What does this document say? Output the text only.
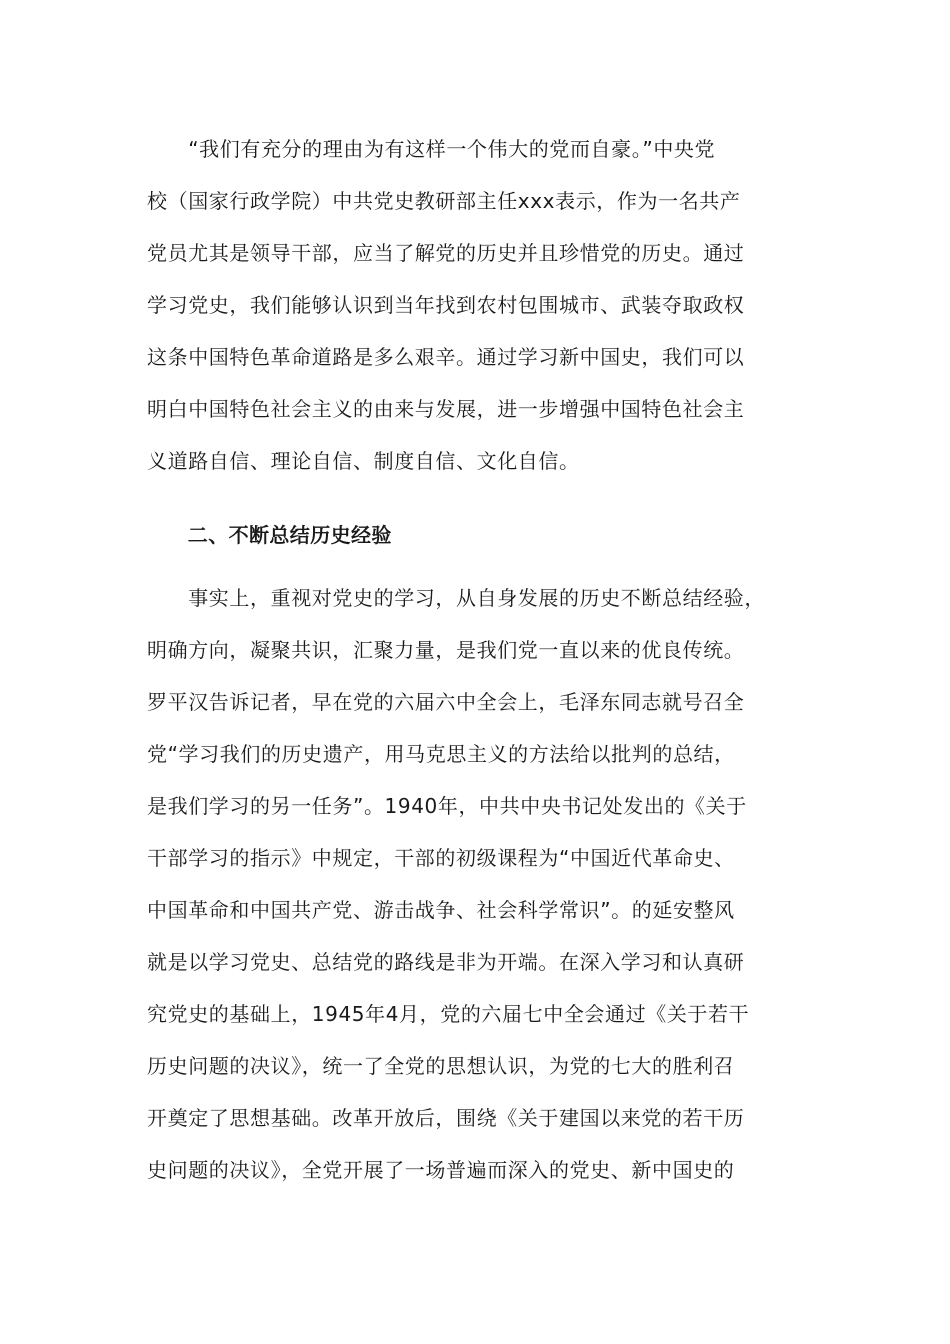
　　“我们有充分的理由为有这样一个伟大的党而自豪。”中央党
校（国家行政学院）中共党史教研部主任xxx表示，作为一名共产
党员尤其是领导干部，应当了解党的历史并且珍惜党的历史。通过
学习党史，我们能够认识到当年找到农村包围城市、武装夺取政权
这条中国特色革命道路是多么艰辛。通过学习新中国史，我们可以
明白中国特色社会主义的由来与发展，进一步增强中国特色社会主
义道路自信、理论自信、制度自信、文化自信。
　　二、不断总结历史经验
　　事实上，重视对党史的学习，从自身发展的历史不断总结经验，
明确方向，凝聚共识，汇聚力量，是我们党一直以来的优良传统。
罗平汉告诉记者，早在党的六届六中全会上，毛泽东同志就号召全
党“学习我们的历史遗产，用马克思主义的方法给以批判的总结，
是我们学习的另一任务”。1940年，中共中央书记处发出的《关于
干部学习的指示》中规定，干部的初级课程为“中国近代革命史、
中国革命和中国共产党、游击战争、社会科学常识”。的延安整风
就是以学习党史、总结党的路线是非为开端。在深入学习和认真研
究党史的基础上，1945年4月，党的六届七中全会通过《关于若干
历史问题的决议》，统一了全党的思想认识，为党的七大的胜利召
开奠定了思想基础。改革开放后，围绕《关于建国以来党的若干历
史问题的决议》，全党开展了一场普遍而深入的党史、新中国史的
